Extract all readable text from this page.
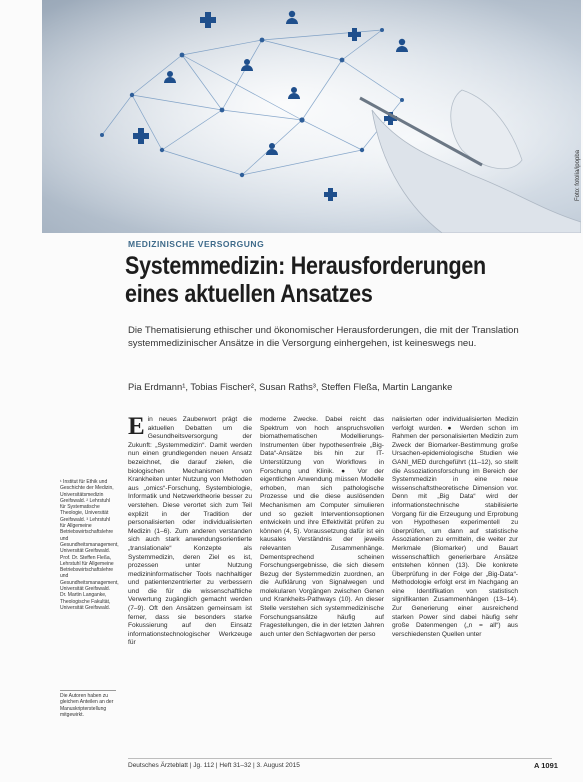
Foto: fotolia/ipopba
MEDIZINISCHE VERSORGUNG
Systemmedizin: Herausforderungen eines aktuellen Ansatzes
Die Thematisierung ethischer und ökonomischer Herausforderungen, die mit der Translation systemmedizinischer Ansätze in die Versorgung einhergehen, ist keineswegs neu.
Pia Erdmann¹, Tobias Fischer², Susan Raths³, Steffen Fleßa, Martin Langanke
¹ Institut für Ethik und Geschichte der Medizin, Universitätsmedizin Greifswald. ² Lehrstuhl für Systematische Theologie, Universität Greifswald. ³ Lehrstuhl für Allgemeine Betriebswirtschaftslehre und Gesundheitsmanagement, Universität Greifswald. Prof. Dr. Steffen Fleßa, Lehrstuhl für Allgemeine Betriebswirtschaftslehre und Gesundheitsmanagement, Universität Greifswald. Dr. Martin Langanke, Theologische Fakultät, Universität Greifswald.
Die Autoren haben zu gleichen Anteilen an der Manuskripterstellung mitgewirkt.
E in neues Zauberwort prägt die aktuellen Debatten um die Gesundheitsversorgung der Zukunft: „Systemmedizin“. Damit werden nun einen grundlegenden neuen Ansatz bezeichnet, die darauf zielen, die biologischen Mechanismen von Krankheiten unter Nutzung von Methoden aus „omics“-Forschung, Systembiologie, Informatik und Netzwerktheorie besser zu verstehen. Diese verortet sich zum Teil explizit in der Tradition der personalisierten oder individualisierten Medizin (1–6). Zum anderen verstanden sich auch stark anwendungsorientierte „translationale“ Konzepte als Systemmedizin, deren Ziel es ist, prozessen unter Nutzung medizininformatischer Tools nachhaltiger und patientenzentrierter zu verbessern und die für die wissenschaftliche Verwertung zugänglich gemacht werden (7–9). Oft den Ansätzen gemeinsam ist ferner, dass sie besonders starke Fokussierung auf den Einsatz informationstechnologischer Werkzeuge für
moderne Zwecke. Dabei reicht das Spektrum von hoch anspruchsvollen biomathematischen Modellierungs-Instrumenten über hypothesenfreie „Big-Data“-Ansätze bis hin zur IT-Unterstützung von Workflows in Forschung und Klinik. ● Vor der eigentlichen Anwendung müssen Modelle erhoben, man sich pathologische Prozesse und die diese auslösenden Mechanismen am Computer simulieren und so gezielt Interventionsoptionen entwickeln und ihre Effektivität prüfen zu können (4, 5). Voraussetzung dafür ist ein kausales Verständnis der jeweils relevanten Zusammenhänge. Dementsprechend scheinen Forschungsergebnisse, die sich diesem Bezug der Systemmedizin zuordnen, an die Aufklärung von Signalwegen und molekularen Vorgängen zwischen Genen und Krankheits-Pathways (10). An dieser Stelle verstehen sich systemmedizinische Forschungsansätze häufig auf Fragestellungen, die in der letzten Jahren auch unter den Schlagworten der perso
nalisierten oder individualisierten Medizin verfolgt wurden. ● Werden schon im Rahmen der personalisierten Medizin zum Zweck der Biomarker-Bestimmung große Ursachen-epidemiologische Studien wie GANI_MED durchgeführt (11–12), so stellt die Assoziationsforschung im Bereich der Systemmedizin in eine neue wissenschaftstheoretische Dimension vor. Denn mit „Big Data“ wird der informationstechnische stabilisierte Vorgang für die Erzeugung und Erprobung von Hypothesen experimentell zu überprüfen, um dann auf statistische Assoziationen zu ermitteln, die weiter zur Merkmale (Biomarker) und Bauart wissenschaftlich generierbare Ansätze entstehen können (13). Die konkrete Überprüfung in der Folge der „Big-Data“-Methodologie erfolgt erst im Nachgang an eine Identifikation von statistisch signifikanten Zusammenhängen (13–14). Zur Generierung einer ausreichend starken Power sind dabei häufig sehr große Datenmengen („n = all“) aus verschiedensten Quellen unter
Deutsches Ärzteblatt | Jg. 112 | Heft 31–32 | 3. August 2015	A 1091
